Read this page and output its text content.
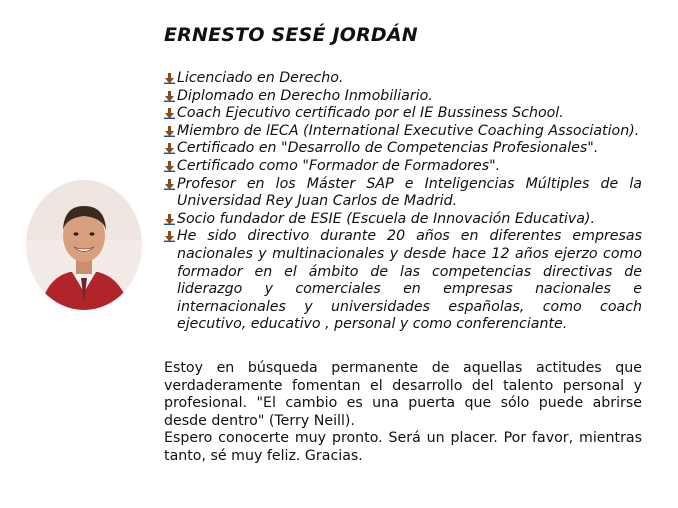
ERNESTO SESÉ JORDÁN
Licenciado en Derecho.
Diplomado en Derecho Inmobiliario.
Coach Ejecutivo certificado por el IE Bussiness School.
Miembro de lECA (International Executive Coaching Association).
Certificado en "Desarrollo de Competencias Profesionales".
Certificado como "Formador de Formadores".
Profesor en los Máster SAP e Inteligencias Múltiples de la Universidad Rey Juan Carlos de Madrid.
Socio fundador de ESIE (Escuela de Innovación Educativa).
He sido directivo durante 20 años en diferentes empresas nacionales y multinacionales y desde hace 12 años ejerzo como formador en el ámbito de las competencias directivas de liderazgo y comerciales en empresas nacionales e internacionales y universidades españolas, como coach ejecutivo, educativo , personal y como conferenciante.

Estoy en búsqueda permanente de aquellas actitudes que verdaderamente fomentan el desarrollo del talento personal y profesional. "El cambio es una puerta que sólo puede abrirse desde dentro" (Terry Neill).

Espero conocerte muy pronto. Será un placer. Por favor, mientras tanto, sé muy feliz. Gracias.
